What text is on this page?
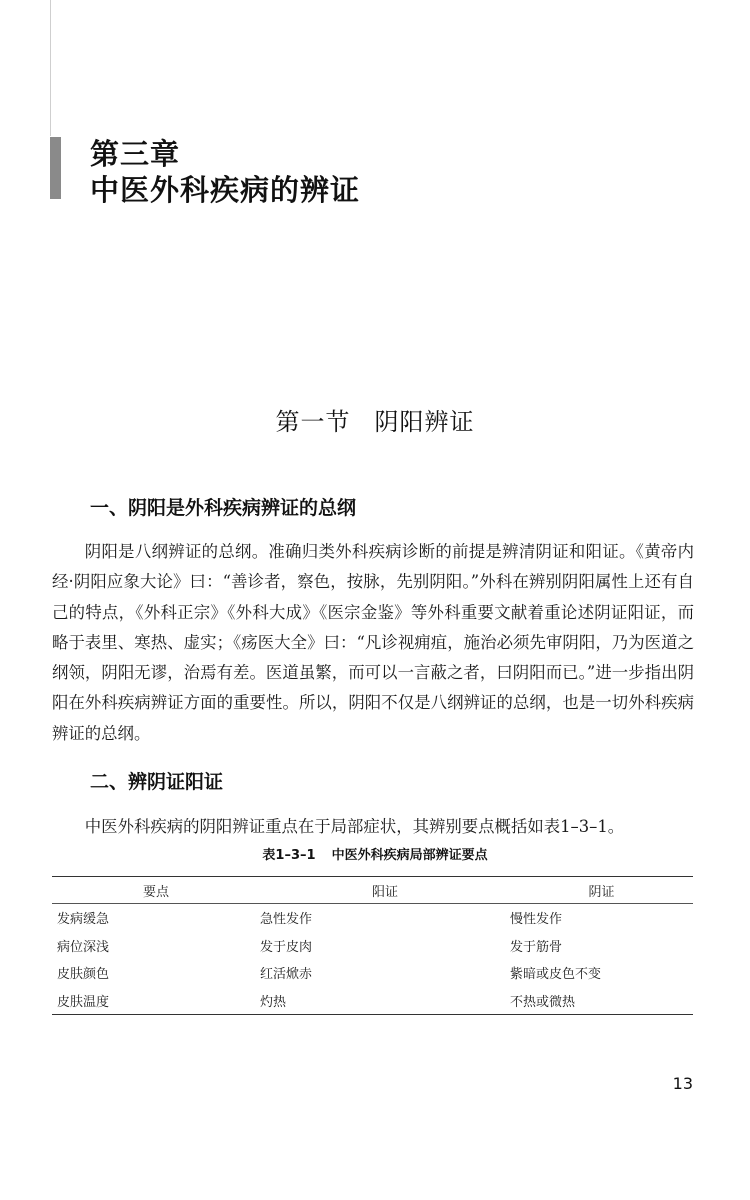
第三章
中医外科疾病的辨证
第一节 阴阳辨证
一、阴阳是外科疾病辨证的总纲
阴阳是八纲辨证的总纲。准确归类外科疾病诊断的前提是辨清阴证和阳证。《黄帝内经·阴阳应象大论》曰：“善诊者，察色，按脉，先别阴阳。”外科在辨别阴阳属性上还有自己的特点，《外科正宗》《外科大成》《医宗金鉴》等外科重要文献着重论述阴证阳证，而略于表里、寒热、虚实；《疡医大全》曰：“凡诊视痈疽，施治必须先审阴阳，乃为医道之纲领，阴阳无谬，治焉有差。医道虽繁，而可以一言蔽之者，曰阴阳而已。”进一步指出阴阳在外科疾病辨证方面的重要性。所以，阴阳不仅是八纲辨证的总纲，也是一切外科疾病辨证的总纲。
二、辨阴证阳证
中医外科疾病的阴阳辨证重点在于局部症状，其辨别要点概括如表1–3–1。
表1–3–1 中医外科疾病局部辨证要点
要点	阳证	阴证
发病缓急	急性发作	慢性发作
病位深浅	发于皮肉	发于筋骨
皮肤颜色	红活焮赤	紫暗或皮色不变
皮肤温度	灼热	不热或微热
13
